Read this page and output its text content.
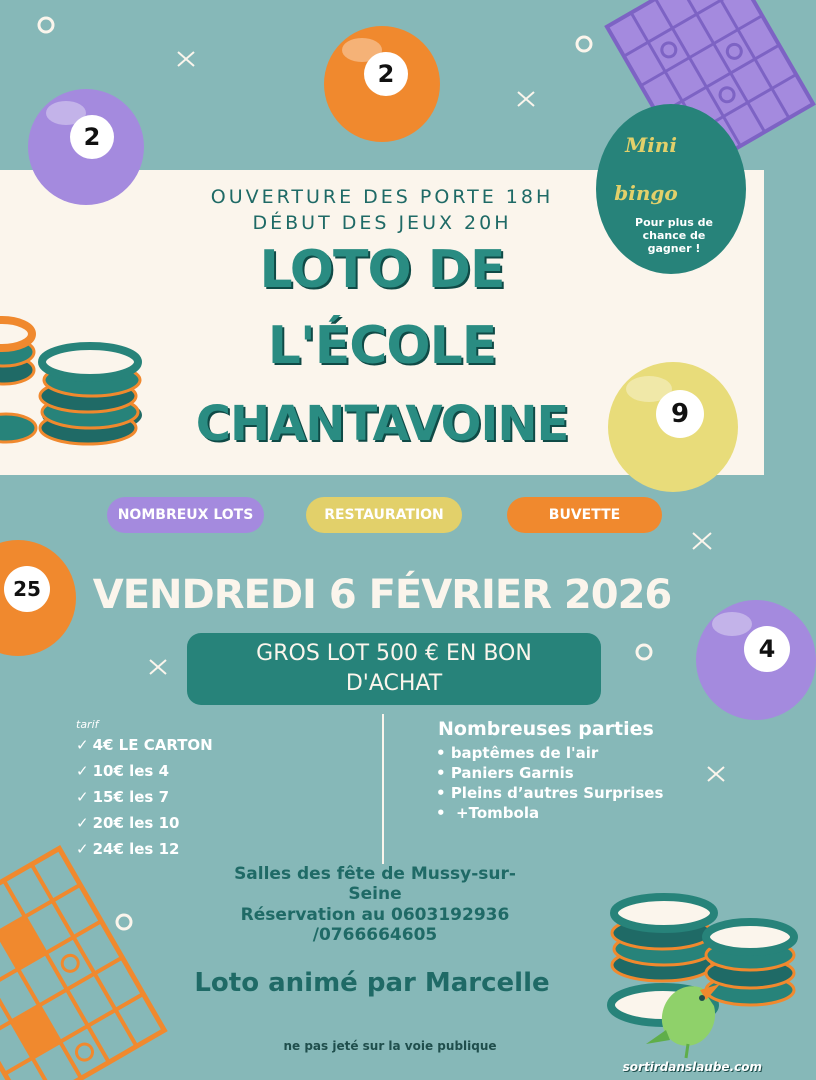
2
2
9
25
4
Mini
bingo
Pour plus de chance de gagner !
OUVERTURE DES PORTE 18H
DÉBUT DES JEUX 20H
LOTO DE
L'ÉCOLE
CHANTAVOINE
NOMBREUX LOTS	RESTAURATION	BUVETTE
VENDREDI 6 FÉVRIER 2026
GROS LOT 500 € EN BON D'ACHAT
tarif
✓ 4€ LE CARTON
✓ 10€ les 4
✓ 15€ les 7
✓ 20€ les 10
✓ 24€ les 12
Nombreuses parties
• baptêmes de l'air
• Paniers Garnis
• Pleins d’autres Surprises
•  +Tombola
Salles des fête de Mussy-sur-Seine
Réservation au 0603192936 /0766664605
Loto animé par Marcelle
ne pas jeté sur la voie publique
sortirdanslaube.com
